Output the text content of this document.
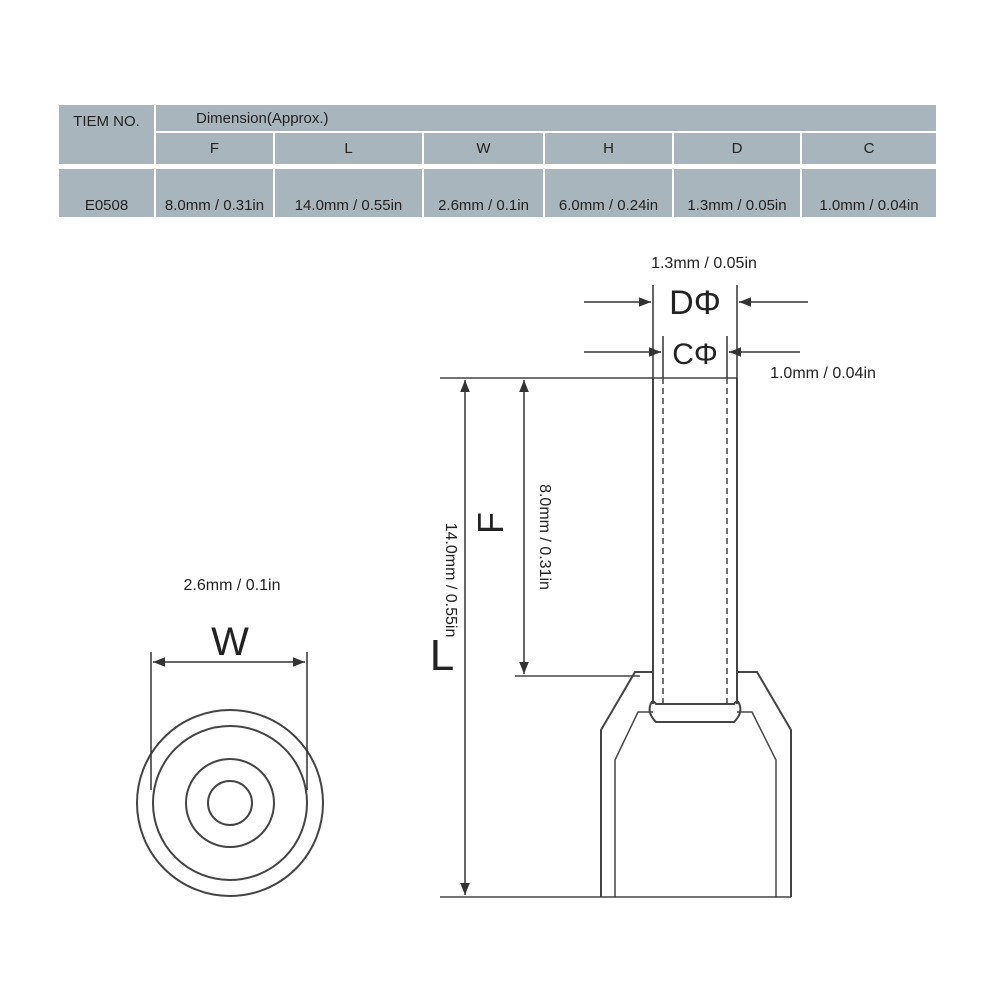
TIEM NO.	Dimension(Approx.)
F	L	W	H	D	C
E0508	8.0mm / 0.31in	14.0mm / 0.55in	2.6mm / 0.1in	6.0mm / 0.24in	1.3mm / 0.05in	1.0mm / 0.04in
W
2.6mm / 0.1in
DΦ
1.3mm / 0.05in
CΦ
1.0mm / 0.04in
L
14.0mm / 0.55in F 8.0mm / 0.31in
